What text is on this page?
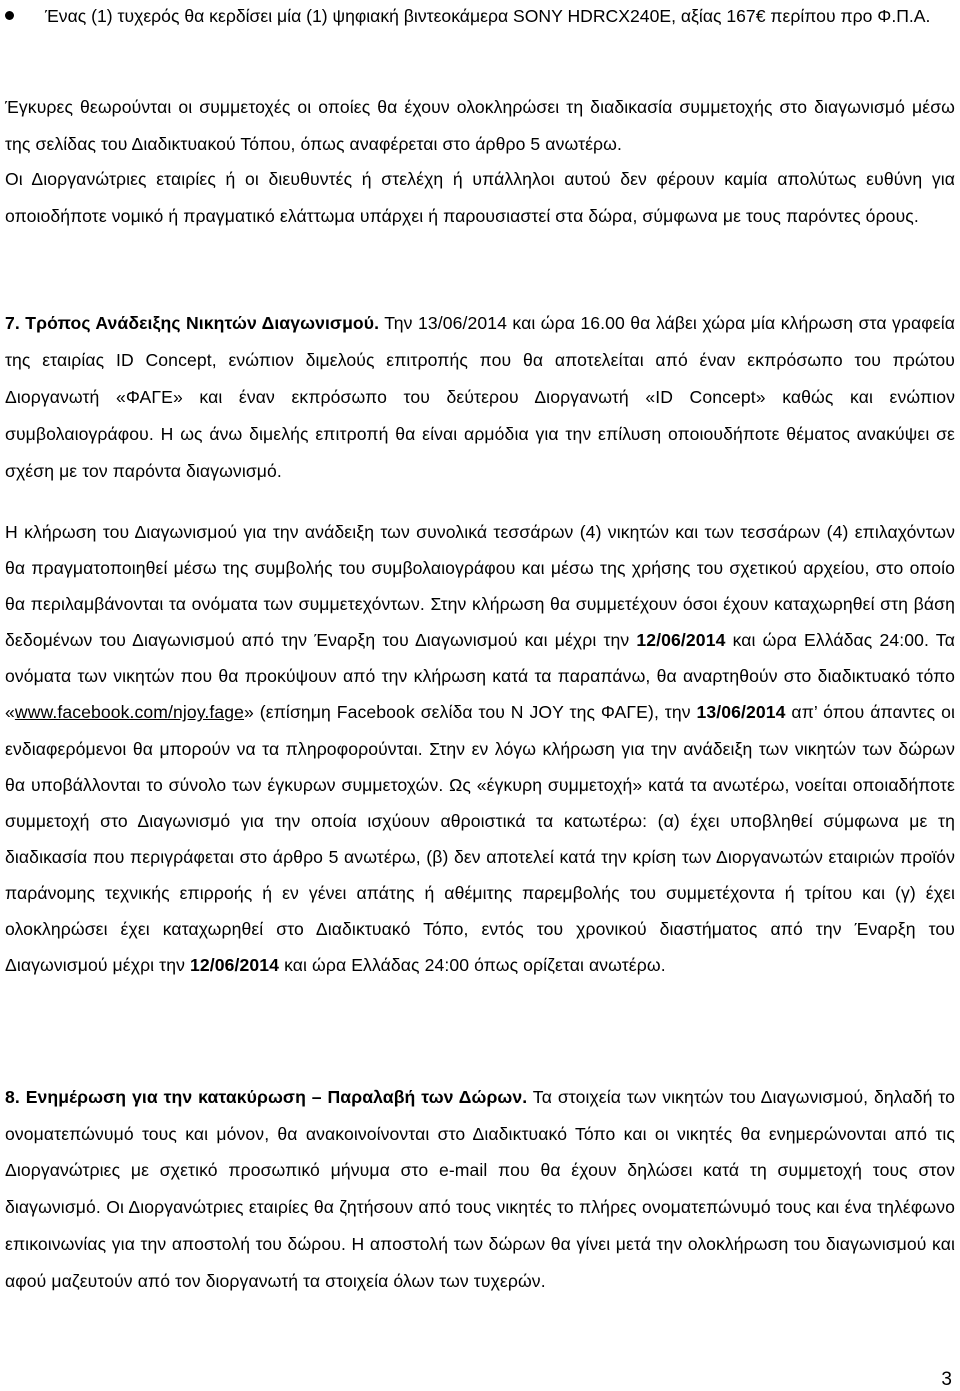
Ένας (1) τυχερός θα κερδίσει μία (1) ψηφιακή βιντεοκάμερα SONY HDRCX240E, αξίας 167€ περίπου προ Φ.Π.Α.

Έγκυρες θεωρούνται οι συμμετοχές οι οποίες θα έχουν ολοκληρώσει τη διαδικασία συμμετοχής στο διαγωνισμό μέσω της σελίδας του Διαδικτυακού Τόπου, όπως αναφέρεται στο άρθρο 5 ανωτέρω.

Οι Διοργανώτριες εταιρίες ή οι διευθυντές ή στελέχη ή υπάλληλοι αυτού δεν φέρουν καμία απολύτως ευθύνη για οποιοδήποτε νομικό ή πραγματικό ελάττωμα υπάρχει ή παρουσιαστεί στα δώρα, σύμφωνα με τους παρόντες όρους.

7. Τρόπος Ανάδειξης Νικητών Διαγωνισμού. Την 13/06/2014 και ώρα 16.00 θα λάβει χώρα μία κλήρωση στα γραφεία της εταιρίας ID Concept, ενώπιον διμελούς επιτροπής που θα αποτελείται από έναν εκπρόσωπο του πρώτου Διοργανωτή «ΦΑΓΕ» και έναν εκπρόσωπο του δεύτερου Διοργανωτή «ID Concept» καθώς και ενώπιον συμβολαιογράφου. Η ως άνω διμελής επιτροπή θα είναι αρμόδια για την επίλυση οποιουδήποτε θέματος ανακύψει σε σχέση με τον παρόντα διαγωνισμό.

Η κλήρωση του Διαγωνισμού για την ανάδειξη των συνολικά τεσσάρων (4) νικητών και των τεσσάρων (4) επιλαχόντων θα πραγματοποιηθεί μέσω της συμβολής του συμβολαιογράφου και μέσω της χρήσης του σχετικού αρχείου, στο οποίο θα περιλαμβάνονται τα ονόματα των συμμετεχόντων. Στην κλήρωση θα συμμετέχουν όσοι έχουν καταχωρηθεί στη βάση δεδομένων του Διαγωνισμού από την Έναρξη του Διαγωνισμού και μέχρι την 12/06/2014 και ώρα Ελλάδας 24:00. Τα ονόματα των νικητών που θα προκύψουν από την κλήρωση κατά τα παραπάνω, θα αναρτηθούν στο διαδικτυακό τόπο «www.facebook.com/njoy.fage» (επίσημη Facebook σελίδα του Ν JOY της ΦΑΓΕ), την 13/06/2014 απ’ όπου άπαντες οι ενδιαφερόμενοι θα μπορούν να τα πληροφορούνται. Στην εν λόγω κλήρωση για την ανάδειξη των νικητών των δώρων θα υποβάλλονται το σύνολο των έγκυρων συμμετοχών. Ως «έγκυρη συμμετοχή» κατά τα ανωτέρω, νοείται οποιαδήποτε συμμετοχή στο Διαγωνισμό για την οποία ισχύουν αθροιστικά τα κατωτέρω: (α) έχει υποβληθεί σύμφωνα με τη διαδικασία που περιγράφεται στο άρθρο 5 ανωτέρω, (β) δεν αποτελεί κατά την κρίση των Διοργανωτών εταιριών προϊόν παράνομης τεχνικής επιρροής ή εν γένει απάτης ή αθέμιτης παρεμβολής του συμμετέχοντα ή τρίτου και (γ) έχει ολοκληρώσει έχει καταχωρηθεί στο Διαδικτυακό Τόπο, εντός του χρονικού διαστήματος από την Έναρξη του Διαγωνισμού μέχρι την 12/06/2014 και ώρα Ελλάδας 24:00 όπως ορίζεται ανωτέρω.

8. Ενημέρωση για την κατακύρωση – Παραλαβή των Δώρων. Τα στοιχεία των νικητών του Διαγωνισμού, δηλαδή το ονοματεπώνυμό τους και μόνον, θα ανακοινοίνονται στο Διαδικτυακό Τόπο και οι νικητές θα ενημερώνονται από τις Διοργανώτριες με σχετικό προσωπικό μήνυμα στο e-mail που θα έχουν δηλώσει κατά τη συμμετοχή τους στον διαγωνισμό. Οι Διοργανώτριες εταιρίες θα ζητήσουν από τους νικητές το πλήρες ονοματεπώνυμό τους και ένα τηλέφωνο επικοινωνίας για την αποστολή του δώρου. Η αποστολή των δώρων θα γίνει μετά την ολοκλήρωση του διαγωνισμού και αφού μαζευτούν από τον διοργανωτή τα στοιχεία όλων των τυχερών.

3
